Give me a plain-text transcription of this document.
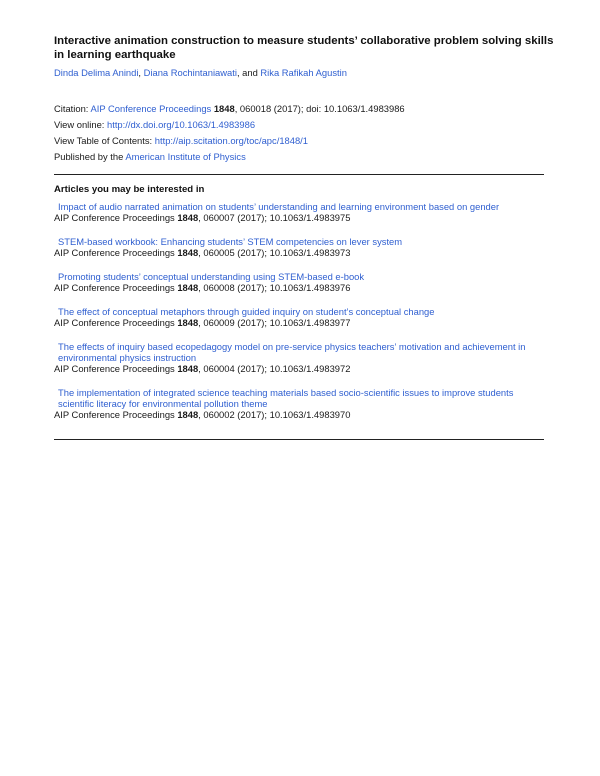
Interactive animation construction to measure students’ collaborative problem solving skills in learning earthquake
Dinda Delima Anindi, Diana Rochintaniawati, and Rika Rafikah Agustin
Citation: AIP Conference Proceedings 1848, 060018 (2017); doi: 10.1063/1.4983986
View online: http://dx.doi.org/10.1063/1.4983986
View Table of Contents: http://aip.scitation.org/toc/apc/1848/1
Published by the American Institute of Physics
Articles you may be interested in
Impact of audio narrated animation on students’ understanding and learning environment based on gender
AIP Conference Proceedings 1848, 060007 (2017); 10.1063/1.4983975
STEM-based workbook: Enhancing students’ STEM competencies on lever system
AIP Conference Proceedings 1848, 060005 (2017); 10.1063/1.4983973
Promoting students’ conceptual understanding using STEM-based e-book
AIP Conference Proceedings 1848, 060008 (2017); 10.1063/1.4983976
The effect of conceptual metaphors through guided inquiry on student’s conceptual change
AIP Conference Proceedings 1848, 060009 (2017); 10.1063/1.4983977
The effects of inquiry based ecopedagogy model on pre-service physics teachers’ motivation and achievement in environmental physics instruction
AIP Conference Proceedings 1848, 060004 (2017); 10.1063/1.4983972
The implementation of integrated science teaching materials based socio-scientific issues to improve students scientific literacy for environmental pollution theme
AIP Conference Proceedings 1848, 060002 (2017); 10.1063/1.4983970
